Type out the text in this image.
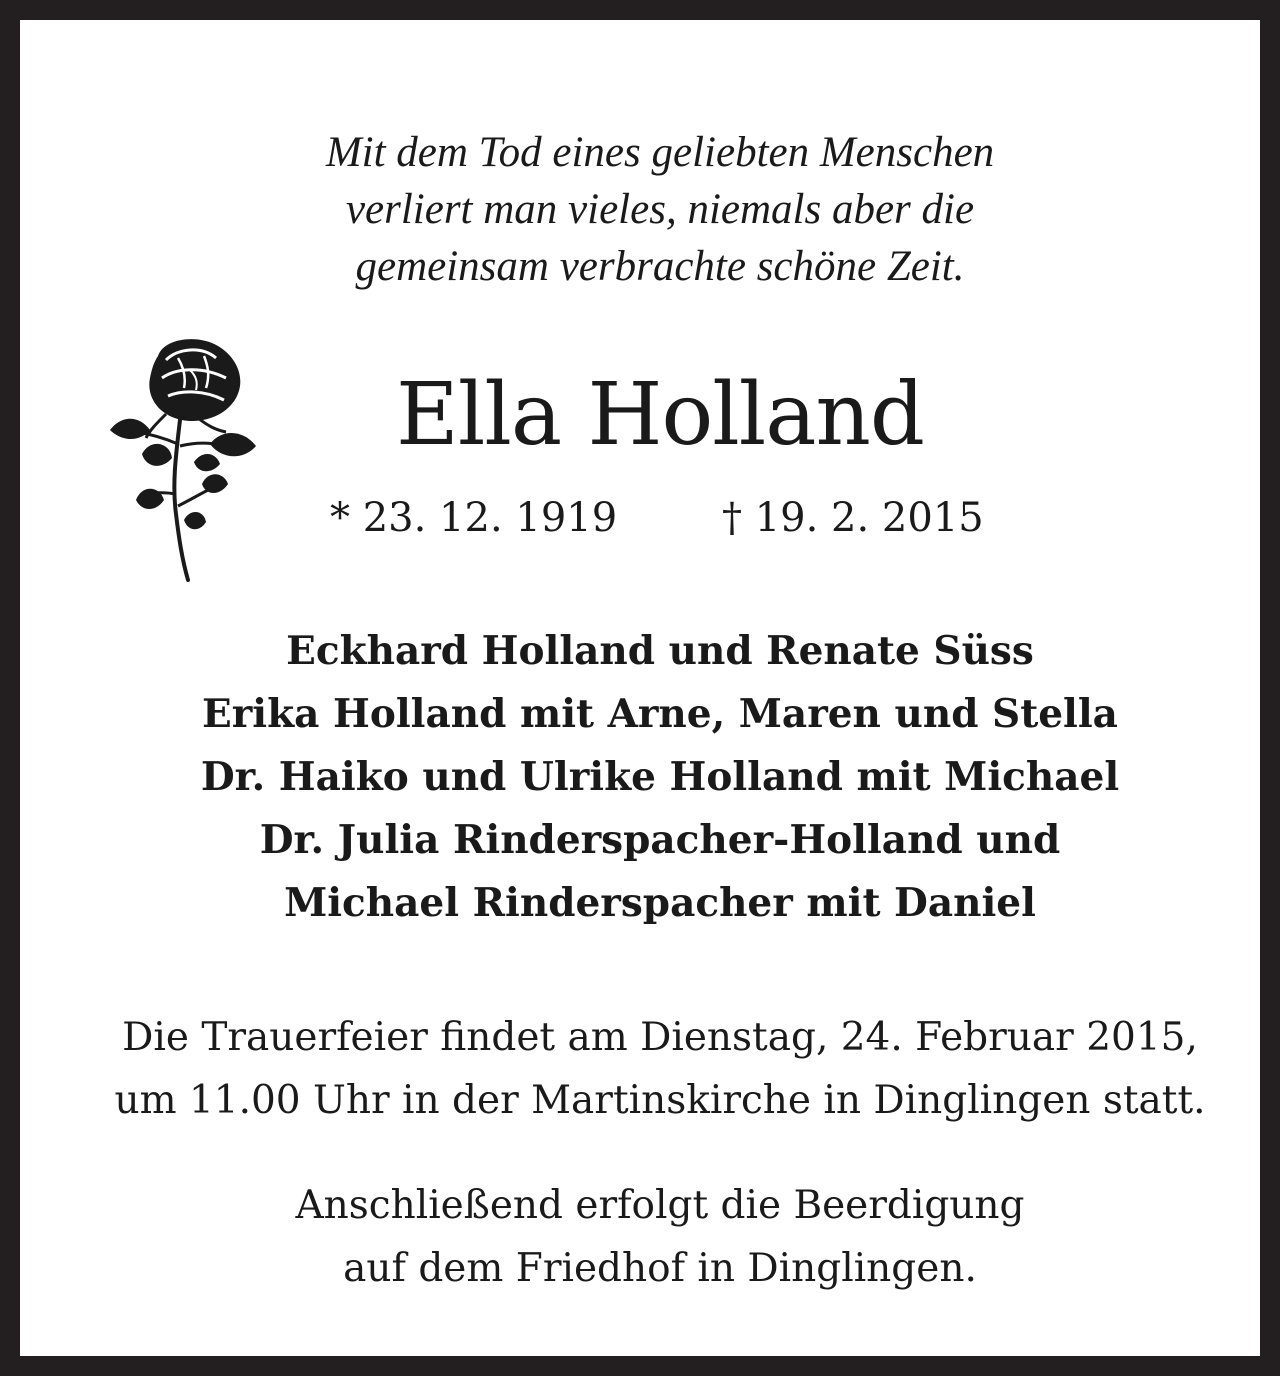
Mit dem Tod eines geliebten Menschen
verliert man vieles, niemals aber die
gemeinsam verbrachte schöne Zeit.
Ella Holland
* 23. 12. 1919	† 19. 2. 2015
Eckhard Holland und Renate Süss
Erika Holland mit Arne, Maren und Stella
Dr. Haiko und Ulrike Holland mit Michael
Dr. Julia Rinderspacher-Holland und
Michael Rinderspacher mit Daniel
Die Trauerfeier findet am Dienstag, 24. Februar 2015,
um 11.00 Uhr in der Martinskirche in Dinglingen statt.
Anschließend erfolgt die Beerdigung
auf dem Friedhof in Dinglingen.
